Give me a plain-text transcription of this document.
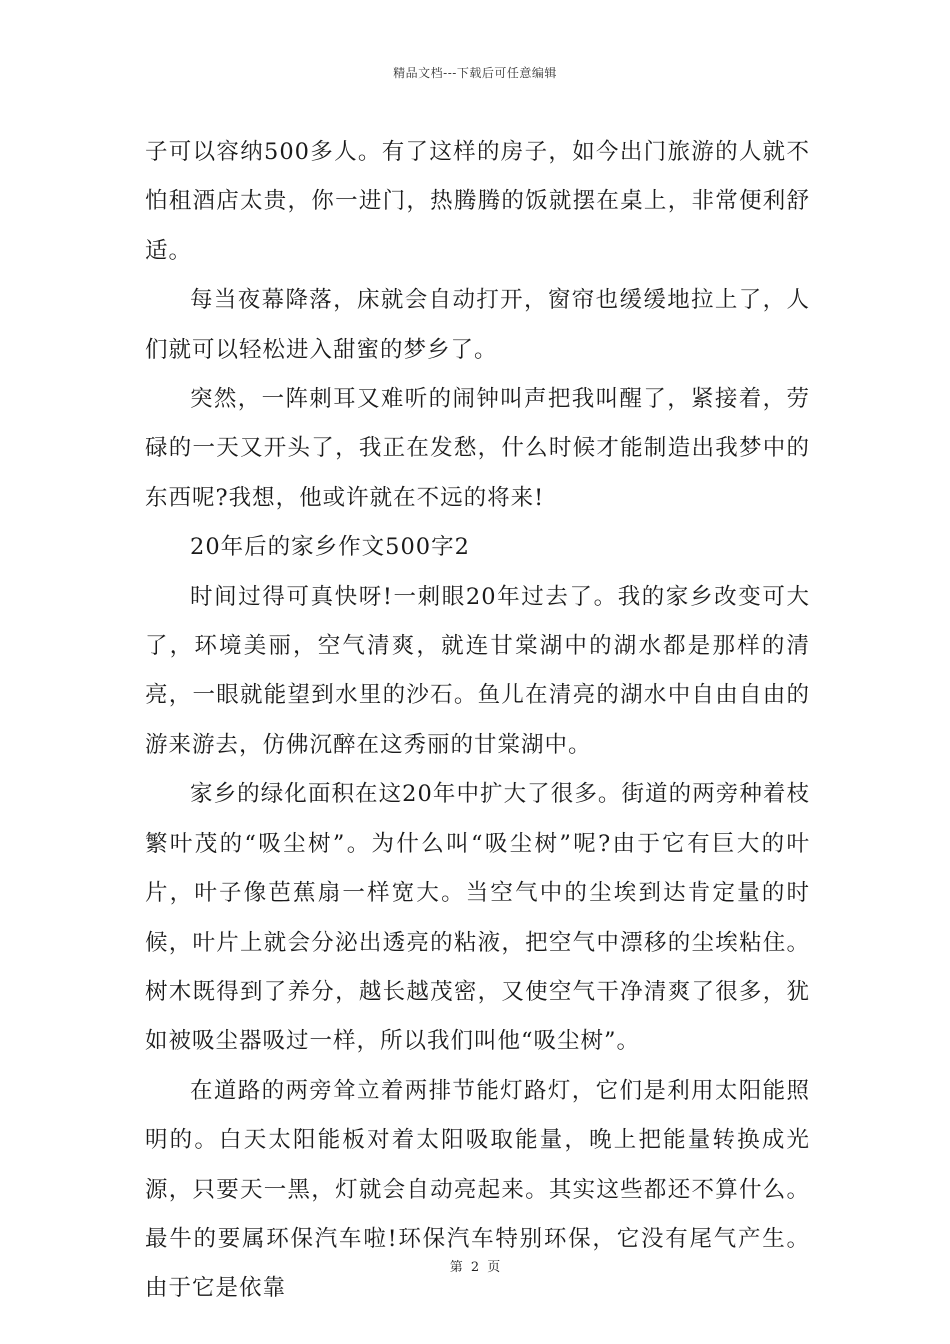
精品文档---下载后可任意编辑

子可以容纳500多人。有了这样的房子，如今出门旅游的人就不怕租酒店太贵，你一进门，热腾腾的饭就摆在桌上，非常便利舒适。

每当夜幕降落，床就会自动打开，窗帘也缓缓地拉上了，人们就可以轻松进入甜蜜的梦乡了。

突然，一阵刺耳又难听的闹钟叫声把我叫醒了，紧接着，劳碌的一天又开头了，我正在发愁，什么时候才能制造出我梦中的东西呢?我想，他或许就在不远的将来!

20年后的家乡作文500字2

时间过得可真快呀!一刺眼20年过去了。我的家乡改变可大了，环境美丽，空气清爽，就连甘棠湖中的湖水都是那样的清亮，一眼就能望到水里的沙石。鱼儿在清亮的湖水中自由自由的游来游去，仿佛沉醉在这秀丽的甘棠湖中。

家乡的绿化面积在这20年中扩大了很多。街道的两旁种着枝繁叶茂的“吸尘树”。为什么叫“吸尘树”呢?由于它有巨大的叶片，叶子像芭蕉扇一样宽大。当空气中的尘埃到达肯定量的时候，叶片上就会分泌出透亮的粘液，把空气中漂移的尘埃粘住。树木既得到了养分，越长越茂密，又使空气干净清爽了很多，犹如被吸尘器吸过一样，所以我们叫他“吸尘树”。

在道路的两旁耸立着两排节能灯路灯，它们是利用太阳能照明的。白天太阳能板对着太阳吸取能量，晚上把能量转换成光源，只要天一黑，灯就会自动亮起来。其实这些都还不算什么。最牛的要属环保汽车啦!环保汽车特别环保，它没有尾气产生。由于它是依靠

第 2 页
